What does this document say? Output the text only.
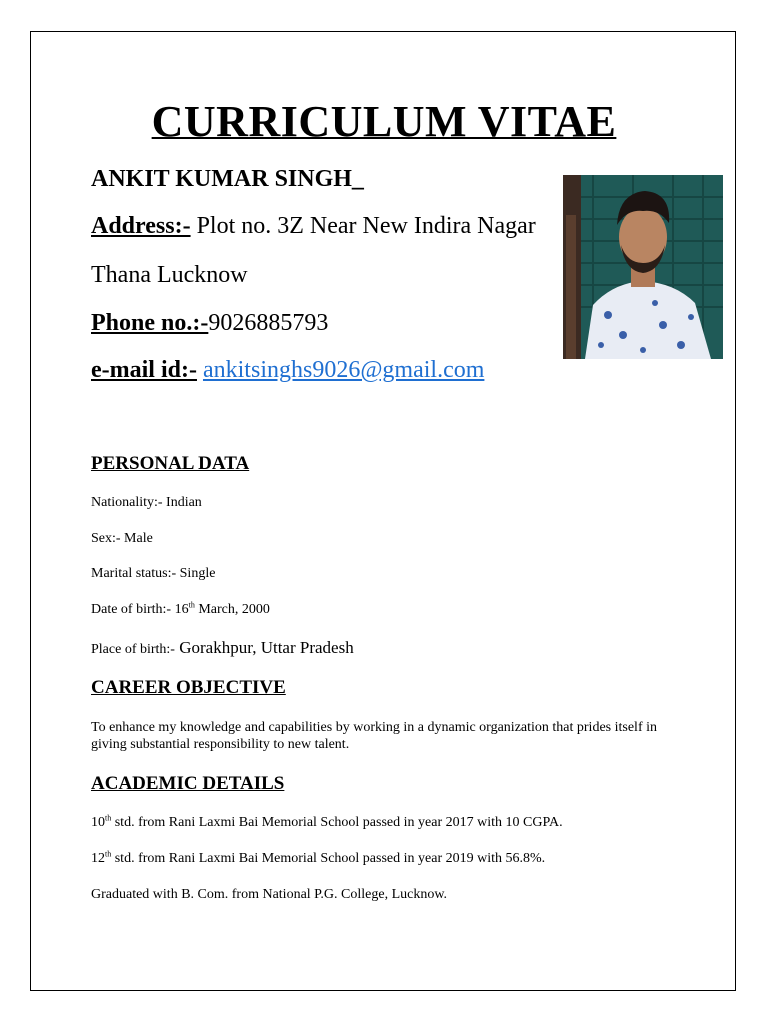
CURRICULUM VITAE
ANKIT KUMAR SINGH_
Address:- Plot no. 3Z Near New Indira Nagar
Thana Lucknow
Phone no.:-9026885793
e-mail id:- ankitsinghs9026@gmail.com
PERSONAL DATA
Nationality:- Indian
Sex:- Male
Marital status:- Single
Date of birth:- 16th March, 2000
Place of birth:- Gorakhpur, Uttar Pradesh
CAREER OBJECTIVE
To enhance my knowledge and capabilities by working in a dynamic organization that prides itself in giving substantial responsibility to new talent.
ACADEMIC DETAILS
10th std. from Rani Laxmi Bai Memorial School passed in year 2017 with 10 CGPA.
12th std. from Rani Laxmi Bai Memorial School passed in year 2019 with 56.8%.
Graduated with B. Com. from National P.G. College, Lucknow.
